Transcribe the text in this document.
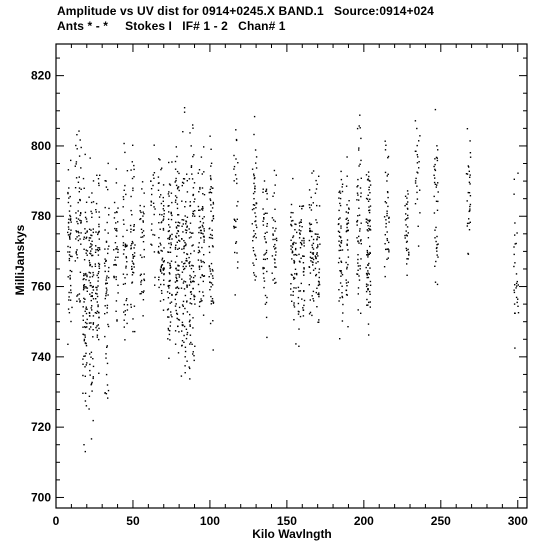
Amplitude vs UV dist for 0914+0245.X BAND.1   Source:0914+024
Ants * - *     Stokes I   IF# 1 - 2   Chan# 1
0	50	100	150	200	250	300
700
720
740
760
780
800
820
Kilo Wavlngth
MilliJanskys
